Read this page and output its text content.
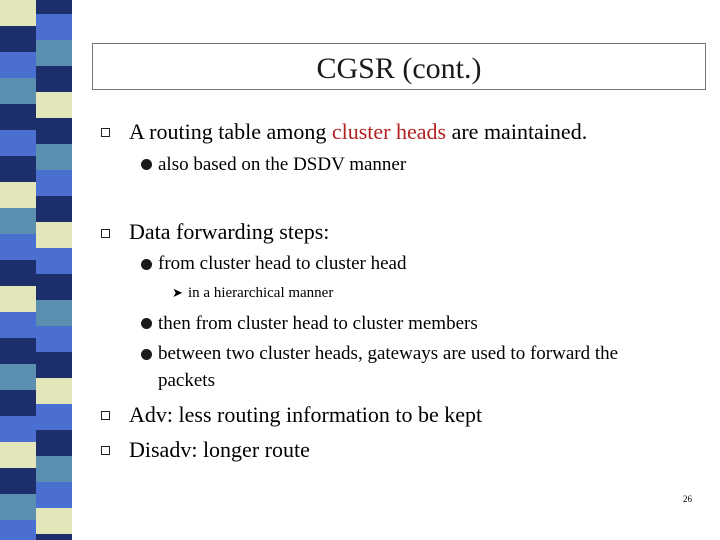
CGSR (cont.)
A routing table among cluster heads are maintained.
also based on the DSDV manner
Data forwarding steps:
from cluster head to cluster head
➤ in a hierarchical manner
then from cluster head to cluster members
between two cluster heads, gateways are used to forward the
packets
Adv: less routing information to be kept
Disadv: longer route
26
